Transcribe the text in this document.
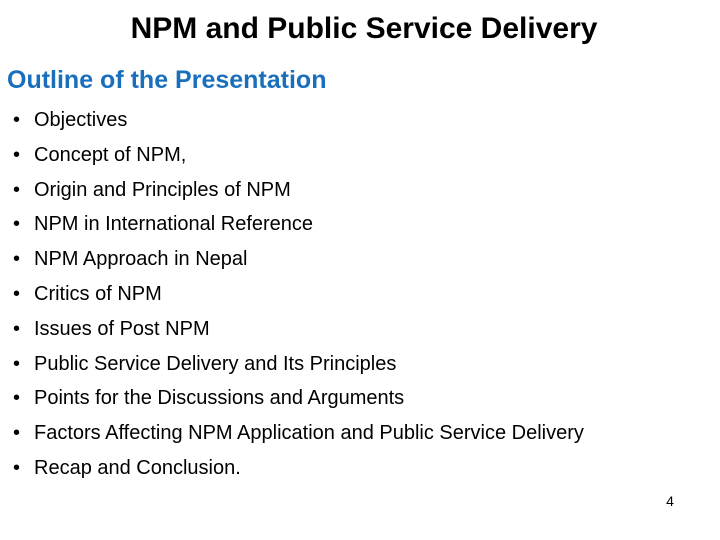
NPM and Public Service Delivery
Outline of the Presentation
• Objectives
• Concept of NPM,
• Origin and Principles of NPM
• NPM in International Reference
• NPM Approach in Nepal
• Critics of NPM
• Issues of Post NPM
• Public Service Delivery and Its Principles
• Points for the Discussions and Arguments
• Factors Affecting NPM Application and Public Service Delivery
• Recap and Conclusion.
4
